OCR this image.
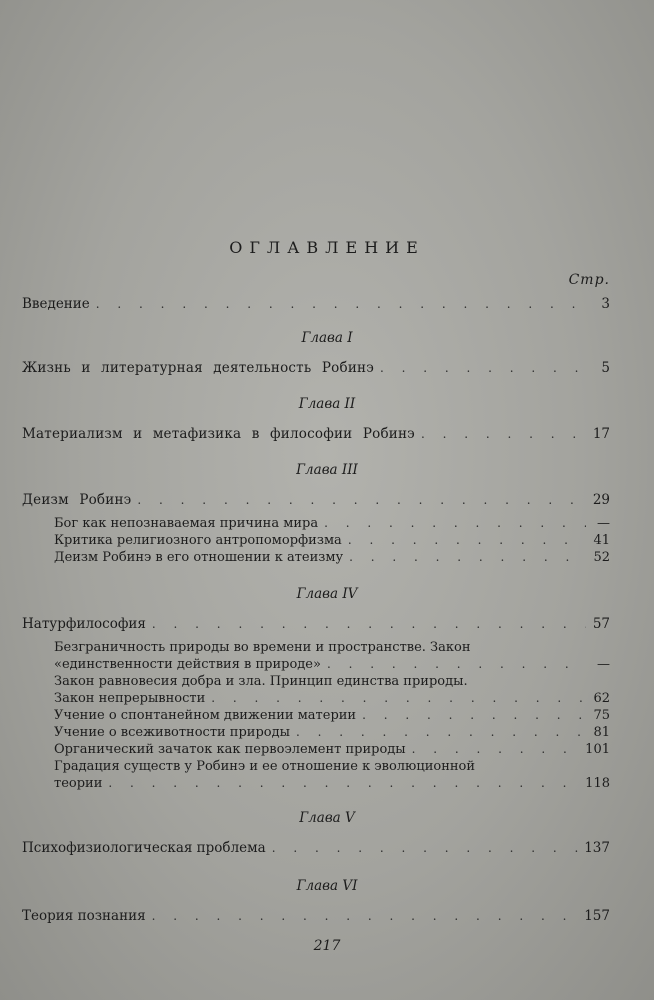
ОГЛАВЛЕНИЕ
Стр.
Введение . . .	3
Глава I
Жизнь и литературная деятельность Робинэ . . .	5
Глава II
Материализм и метафизика в философии Робинэ . . .	17
Глава III
Деизм Робинэ . . .	29
Бог как непознаваемая причина мира . . .	—
Критика религиозного антропоморфизма . . .	41
Деизм Робинэ в его отношении к атеизму . . .	52
Глава IV
Натурфилософия . . .	57
Безграничность природы во времени и пространстве. Закон
«единственности действия в природе» . . .	—
Закон равновесия добра и зла. Принцип единства природы.
Закон непрерывности . . .	62
Учение о спонтанейном движении материи . . .	75
Учение о всеживотности природы . . .	81
Органический зачаток как первоэлемент природы . . .	101
Градация существ у Робинэ и ее отношение к эволюционной
теории . . .	118
Глава V
Психофизиологическая проблема . . .	137
Глава VI
Теория познания . . .	157
217
